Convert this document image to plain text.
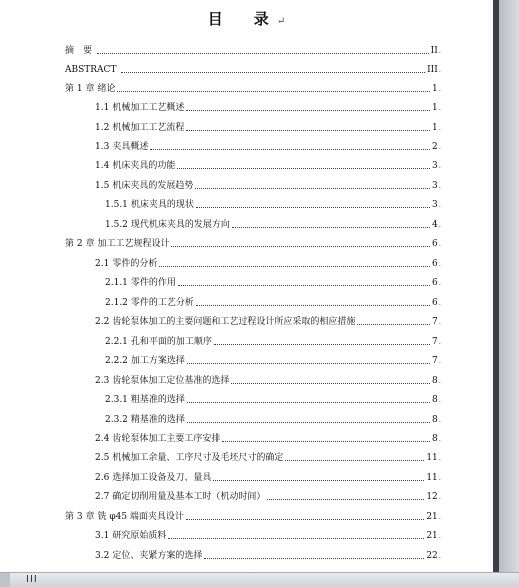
目　录↵
摘　要	II .
ABSTRACT	III .
第 1 章 绪论	1 .
1.1 机械加工工艺概述	1 .
1.2 机械加工工艺流程	1 .
1.3 夹具概述	2 .
1.4 机床夹具的功能	3 .
1.5 机床夹具的发展趋势	3 .
1.5.1 机床夹具的现状	3 .
1.5.2 现代机床夹具的发展方向	4 .
第 2 章 加工工艺规程设计	6 .
2.1 零件的分析	6 .
2.1.1 零件的作用	6 .
2.1.2 零件的工艺分析	6 .
2.2 齿轮泵体加工的主要问题和工艺过程设计所应采取的相应措施	7 .
2.2.1 孔和平面的加工顺序	7 .
2.2.2 加工方案选择	7 .
2.3 齿轮泵体加工定位基准的选择	8 .
2.3.1 粗基准的选择	8 .
2.3.2 精基准的选择	8 .
2.4 齿轮泵体加工主要工序安排	8 .
2.5 机械加工余量、工序尺寸及毛坯尺寸的确定	11 .
2.6 选择加工设备及刀、量具	11 .
2.7 确定切削用量及基本工时（机动时间）	12 .
第 3 章 铣 φ45 端面夹具设计	21 .
3.1 研究原始质料	21 .
3.2 定位、夹紧方案的选择	22 .
III
